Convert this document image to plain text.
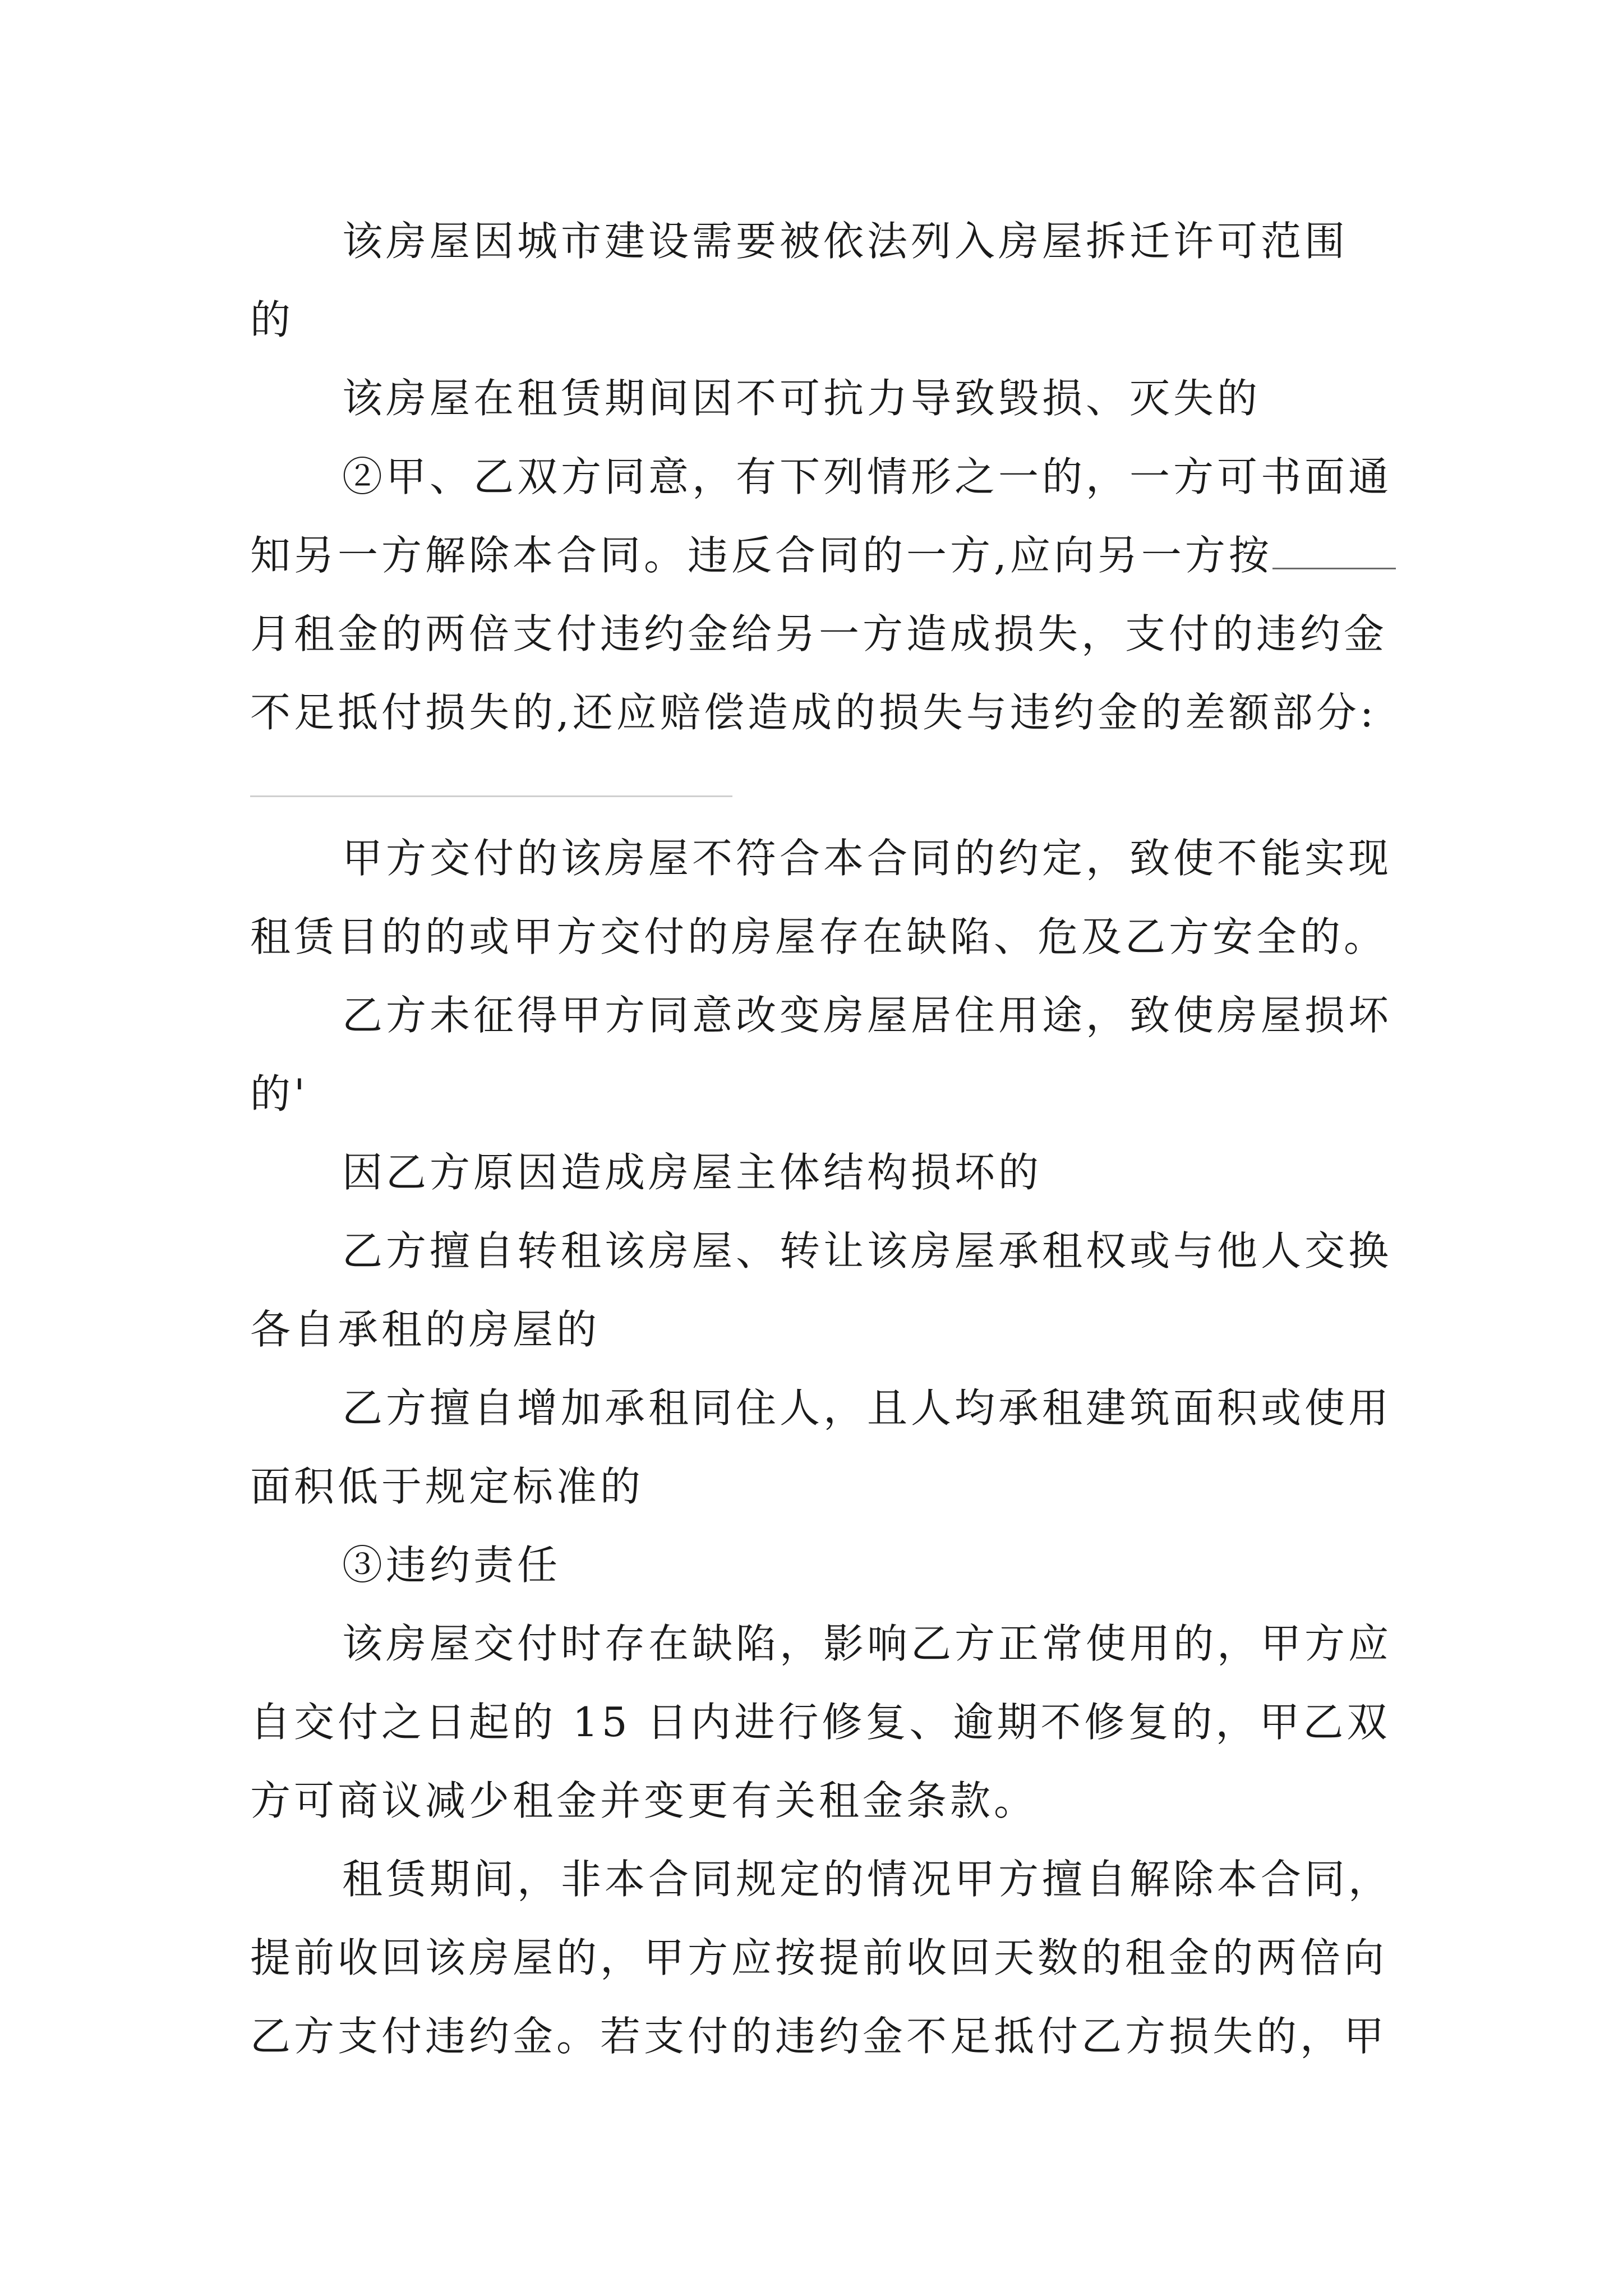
该房屋因城市建设需要被依法列入房屋拆迁许可范围
的
该房屋在租赁期间因不可抗力导致毁损、灭失的
②甲、乙双方同意，有下列情形之一的，一方可书面通
知另一方解除本合同。违反合同的一方,应向另一方按
月租金的两倍支付违约金给另一方造成损失，支付的违约金
不足抵付损失的,还应赔偿造成的损失与违约金的差额部分:
甲方交付的该房屋不符合本合同的约定，致使不能实现
租赁目的的或甲方交付的房屋存在缺陷、危及乙方安全的。
乙方未征得甲方同意改变房屋居住用途，致使房屋损坏
的'
因乙方原因造成房屋主体结构损坏的
乙方擅自转租该房屋、转让该房屋承租权或与他人交换
各自承租的房屋的
乙方擅自增加承租同住人，且人均承租建筑面积或使用
面积低于规定标准的
③违约责任
该房屋交付时存在缺陷，影响乙方正常使用的，甲方应
自交付之日起的 15 日内进行修复、逾期不修复的，甲乙双
方可商议减少租金并变更有关租金条款。
租赁期间，非本合同规定的情况甲方擅自解除本合同，
提前收回该房屋的，甲方应按提前收回天数的租金的两倍向
乙方支付违约金。若支付的违约金不足抵付乙方损失的，甲
